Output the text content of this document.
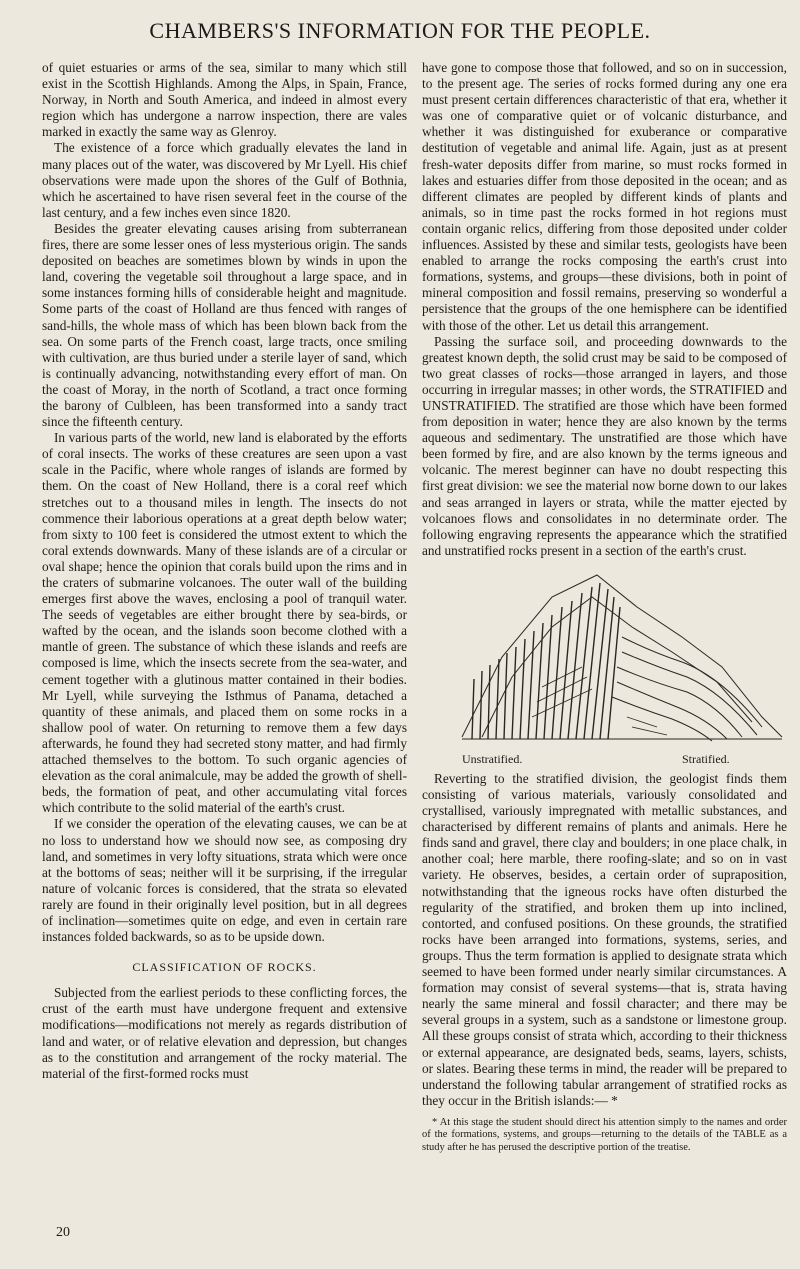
CHAMBERS'S INFORMATION FOR THE PEOPLE.

of quiet estuaries or arms of the sea, similar to many which still exist in the Scottish Highlands. Among the Alps, in Spain, France, Norway, in North and South America, and indeed in almost every region which has undergone a narrow inspection, there are vales marked in exactly the same way as Glenroy.

The existence of a force which gradually elevates the land in many places out of the water, was discovered by Mr Lyell. His chief observations were made upon the shores of the Gulf of Bothnia, which he ascertained to have risen several feet in the course of the last century, and a few inches even since 1820.

Besides the greater elevating causes arising from subterranean fires, there are some lesser ones of less mysterious origin. The sands deposited on beaches are sometimes blown by winds in upon the land, covering the vegetable soil throughout a large space, and in some instances forming hills of considerable height and magnitude. Some parts of the coast of Holland are thus fenced with ranges of sand-hills, the whole mass of which has been blown back from the sea. On some parts of the French coast, large tracts, once smiling with cultivation, are thus buried under a sterile layer of sand, which is continually advancing, notwithstanding every effort of man. On the coast of Moray, in the north of Scotland, a tract once forming the barony of Culbleen, has been transformed into a sandy tract since the fifteenth century.

In various parts of the world, new land is elaborated by the efforts of coral insects. The works of these creatures are seen upon a vast scale in the Pacific, where whole ranges of islands are formed by them. On the coast of New Holland, there is a coral reef which stretches out to a thousand miles in length. The insects do not commence their laborious operations at a great depth below water; from sixty to 100 feet is considered the utmost extent to which the coral extends downwards. Many of these islands are of a circular or oval shape; hence the opinion that corals build upon the rims and in the craters of submarine volcanoes. The outer wall of the building emerges first above the waves, enclosing a pool of tranquil water. The seeds of vegetables are either brought there by sea-birds, or wafted by the ocean, and the islands soon become clothed with a mantle of green. The substance of which these islands and reefs are composed is lime, which the insects secrete from the sea-water, and cement together with a glutinous matter contained in their bodies. Mr Lyell, while surveying the Isthmus of Panama, detached a quantity of these animals, and placed them on some rocks in a shallow pool of water. On returning to remove them a few days afterwards, he found they had secreted stony matter, and had firmly attached themselves to the bottom. To such organic agencies of elevation as the coral animalcule, may be added the growth of shell-beds, the formation of peat, and other accumulating vital forces which contribute to the solid material of the earth's crust.

If we consider the operation of the elevating causes, we can be at no loss to understand how we should now see, as composing dry land, and sometimes in very lofty situations, strata which were once at the bottoms of seas; neither will it be surprising, if the irregular nature of volcanic forces is considered, that the strata so elevated rarely are found in their originally level position, but in all degrees of inclination—sometimes quite on edge, and even in certain rare instances folded backwards, so as to be upside down.

CLASSIFICATION OF ROCKS.

Subjected from the earliest periods to these conflicting forces, the crust of the earth must have undergone frequent and extensive modifications—modifications not merely as regards distribution of land and water, or of relative elevation and depression, but changes as to the constitution and arrangement of the rocky material. The material of the first-formed rocks must

have gone to compose those that followed, and so on in succession, to the present age. The series of rocks formed during any one era must present certain differences characteristic of that era, whether it was one of comparative quiet or of volcanic disturbance, and whether it was distinguished for exuberance or comparative destitution of vegetable and animal life. Again, just as at present fresh-water deposits differ from marine, so must rocks formed in lakes and estuaries differ from those deposited in the ocean; and as different climates are peopled by different kinds of plants and animals, so in time past the rocks formed in hot regions must contain organic relics, differing from those deposited under colder influences. Assisted by these and similar tests, geologists have been enabled to arrange the rocks composing the earth's crust into formations, systems, and groups—these divisions, both in point of mineral composition and fossil remains, preserving so wonderful a persistence that the groups of the one hemisphere can be identified with those of the other. Let us detail this arrangement.

Passing the surface soil, and proceeding downwards to the greatest known depth, the solid crust may be said to be composed of two great classes of rocks—those arranged in layers, and those occurring in irregular masses; in other words, the STRATIFIED and UNSTRATIFIED. The stratified are those which have been formed from deposition in water; hence they are also known by the terms aqueous and sedimentary. The unstratified are those which have been formed by fire, and are also known by the terms igneous and volcanic. The merest beginner can have no doubt respecting this first great division: we see the material now borne down to our lakes and seas arranged in layers or strata, while the matter ejected by volcanoes flows and consolidates in no determinate order. The following engraving represents the appearance which the stratified and unstratified rocks present in a section of the earth's crust.

Unstratified.	Stratified.

Reverting to the stratified division, the geologist finds them consisting of various materials, variously consolidated and crystallised, variously impregnated with metallic substances, and characterised by different remains of plants and animals. Here he finds sand and gravel, there clay and boulders; in one place chalk, in another coal; here marble, there roofing-slate; and so on in vast variety. He observes, besides, a certain order of supraposition, notwithstanding that the igneous rocks have often disturbed the regularity of the stratified, and broken them up into inclined, contorted, and confused positions. On these grounds, the stratified rocks have been arranged into formations, systems, series, and groups. Thus the term formation is applied to designate strata which seemed to have been formed under nearly similar circumstances. A formation may consist of several systems—that is, strata having nearly the same mineral and fossil character; and there may be several groups in a system, such as a sandstone or limestone group. All these groups consist of strata which, according to their thickness or external appearance, are designated beds, seams, layers, schists, or slates. Bearing these terms in mind, the reader will be prepared to understand the following tabular arrangement of stratified rocks as they occur in the British islands:— *

* At this stage the student should direct his attention simply to the names and order of the formations, systems, and groups—returning to the details of the TABLE as a study after he has perused the descriptive portion of the treatise.

20
